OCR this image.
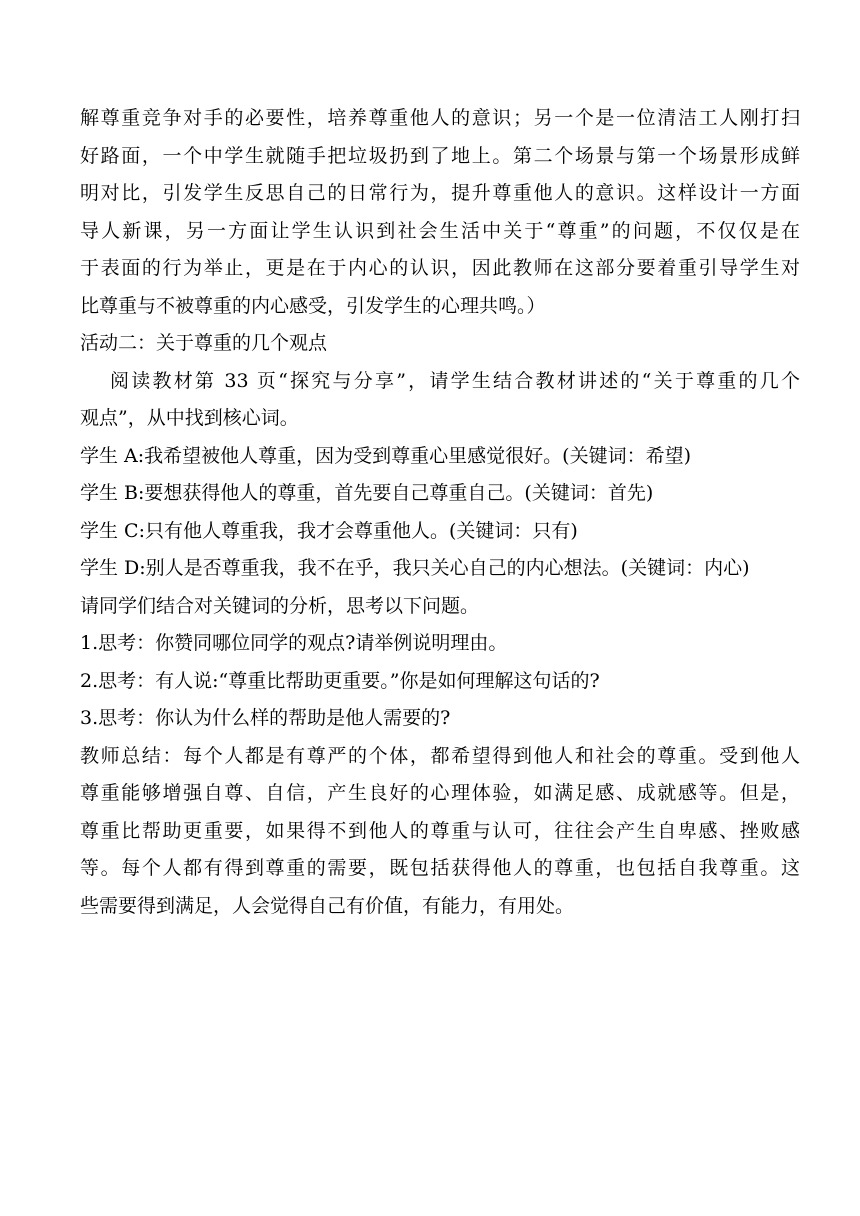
解尊重竞争对手的必要性，培养尊重他人的意识；另一个是一位清洁工人刚打扫
好路面，一个中学生就随手把垃圾扔到了地上。第二个场景与第一个场景形成鲜
明对比，引发学生反思自己的日常行为，提升尊重他人的意识。这样设计一方面
导人新课，另一方面让学生认识到社会生活中关于“尊重”的问题，不仅仅是在
于表面的行为举止，更是在于内心的认识，因此教师在这部分要着重引导学生对
比尊重与不被尊重的内心感受，引发学生的心理共鸣。）
活动二：关于尊重的几个观点
阅读教材第 33 页“探究与分享”，请学生结合教材讲述的“关于尊重的几个
观点”，从中找到核心词。
学生 A:我希望被他人尊重，因为受到尊重心里感觉很好。(关键词：希望)
学生 B:要想获得他人的尊重，首先要自己尊重自己。(关键词：首先)
学生 C:只有他人尊重我，我才会尊重他人。(关键词：只有)
学生 D:别人是否尊重我，我不在乎，我只关心自己的内心想法。(关键词：内心)
请同学们结合对关键词的分析，思考以下问题。
1.思考：你赞同哪位同学的观点?请举例说明理由。
2.思考：有人说:“尊重比帮助更重要。”你是如何理解这句话的?
3.思考：你认为什么样的帮助是他人需要的?
教师总结：每个人都是有尊严的个体，都希望得到他人和社会的尊重。受到他人
尊重能够增强自尊、自信，产生良好的心理体验，如满足感、成就感等。但是，
尊重比帮助更重要，如果得不到他人的尊重与认可，往往会产生自卑感、挫败感
等。每个人都有得到尊重的需要，既包括获得他人的尊重，也包括自我尊重。这
些需要得到满足，人会觉得自己有价值，有能力，有用处。
